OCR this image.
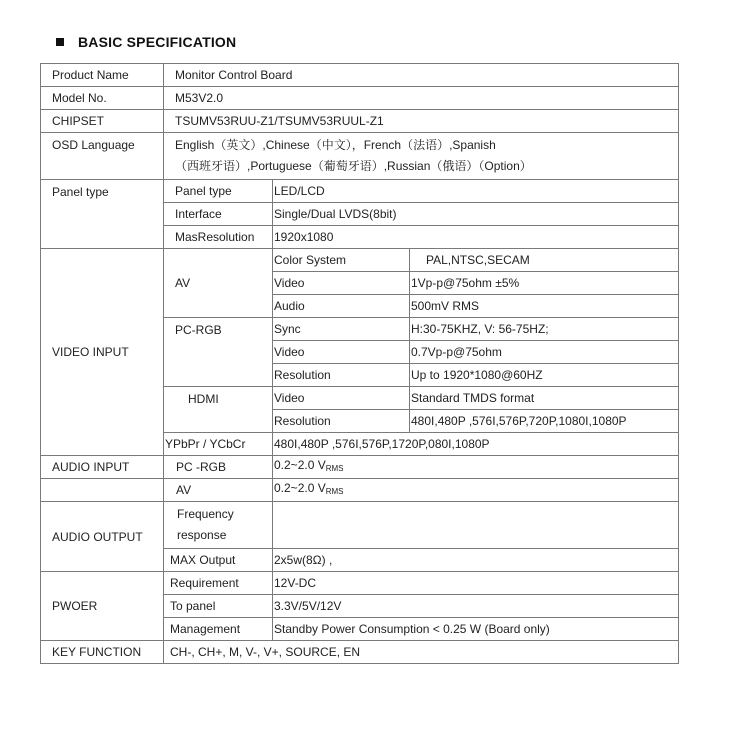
BASIC SPECIFICATION
Product Name	Monitor Control Board		
Model No.	M53V2.0		
CHIPSET	TSUMV53RUU-Z1/TSUMV53RUUL-Z1		
OSD Language	English（英文）,Chinese（中文），French（法语）,Spanish
（西班牙语）,Portuguese（葡萄牙语）,Russian（俄语）（Option）		

Panel type	Panel type	LED/LCD	
	Interface	Single/Dual LVDS(8bit)	
	MasResolution	1920x1080	
VIDEO INPUT	AV	Color System	PAL,NTSC,SECAM
		Video	1Vp-p@75ohm ±5%
		Audio	500mV RMS
	PC-RGB	Sync	H:30-75KHZ, V: 56-75HZ;
		Video	0.7Vp-p@75ohm
		Resolution	Up to 1920*1080@60HZ
	HDMI	Video	Standard TMDS format
		Resolution	480I,480P ,576I,576P,720P,1080I,1080P
	YPbPr / YCbCr	480I,480P ,576I,576P,1720P,080I,1080P	
AUDIO INPUT	PC -RGB	0.2~2.0 $V_{RMS}$
	AV	0.2~2.0 $V_{RMS}$
AUDIO OUTPUT	Frequency
response		

	MAX Output	2x5w(8Ω) ,	
PWOER	Requirement	12V-DC	
	To panel	3.3V/5V/12V	
	Management	Standby Power Consumption < 0.25 W (Board only)	
KEY FUNCTION	CH-, CH+, M, V-, V+, SOURCE, EN		
